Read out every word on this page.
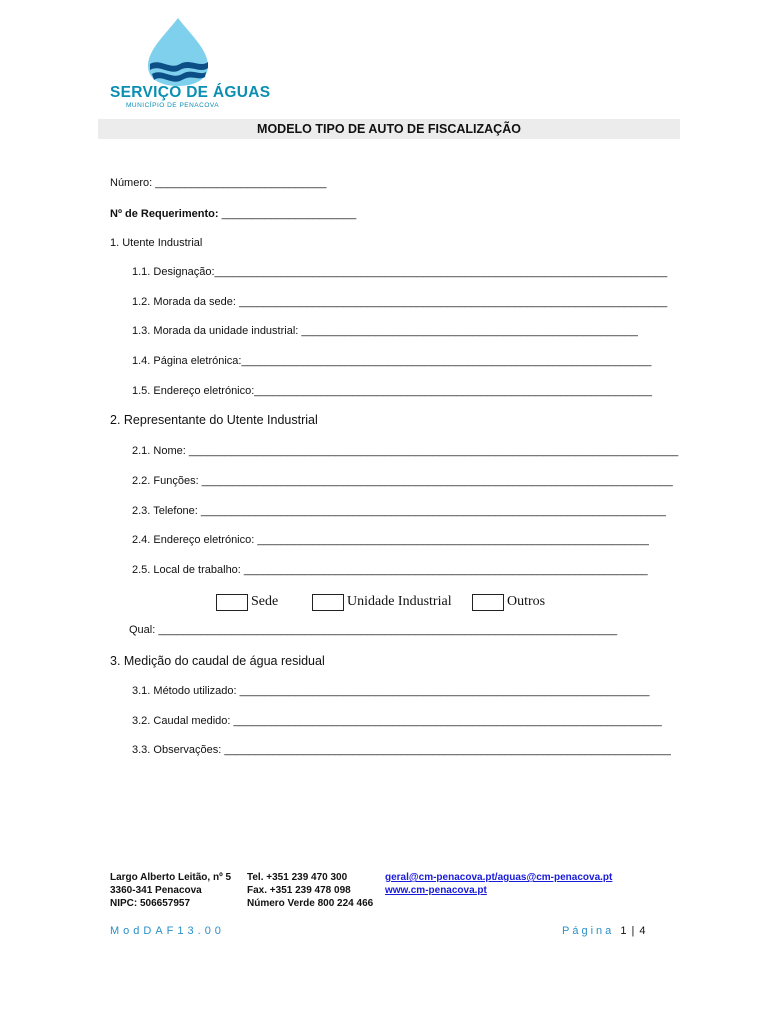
SERVIÇO DE ÁGUAS
MUNICÍPIO DE PENACOVA
MODELO TIPO DE AUTO DE FISCALIZAÇÃO
Número: ____________________________
Nº de Requerimento: ______________________
1. Utente Industrial
1.1. Designação:__________________________________________________________________________
1.2. Morada da sede: ______________________________________________________________________
1.3. Morada da unidade industrial: _______________________________________________________
1.4. Página eletrónica:___________________________________________________________________
1.5. Endereço eletrónico:_________________________________________________________________
2. Representante do Utente Industrial
2.1. Nome: ________________________________________________________________________________
2.2. Funções: _____________________________________________________________________________
2.3. Telefone: ____________________________________________________________________________
2.4. Endereço eletrónico: ________________________________________________________________
2.5. Local de trabalho: __________________________________________________________________
Sede	Unidade Industrial	Outros
Qual: ___________________________________________________________________________
3. Medição do caudal de água residual
3.1. Método utilizado: ___________________________________________________________________
3.2. Caudal medido: ______________________________________________________________________
3.3. Observações: _________________________________________________________________________
Largo Alberto Leitão, nº 5
3360-341 Penacova
NIPC: 506657957
Tel. +351 239 470 300
Fax. +351 239 478 098
Número Verde 800 224 466
geral@cm-penacova.pt/aguas@cm-penacova.pt
www.cm-penacova.pt
ModDAF13.00	Página 1 | 4
